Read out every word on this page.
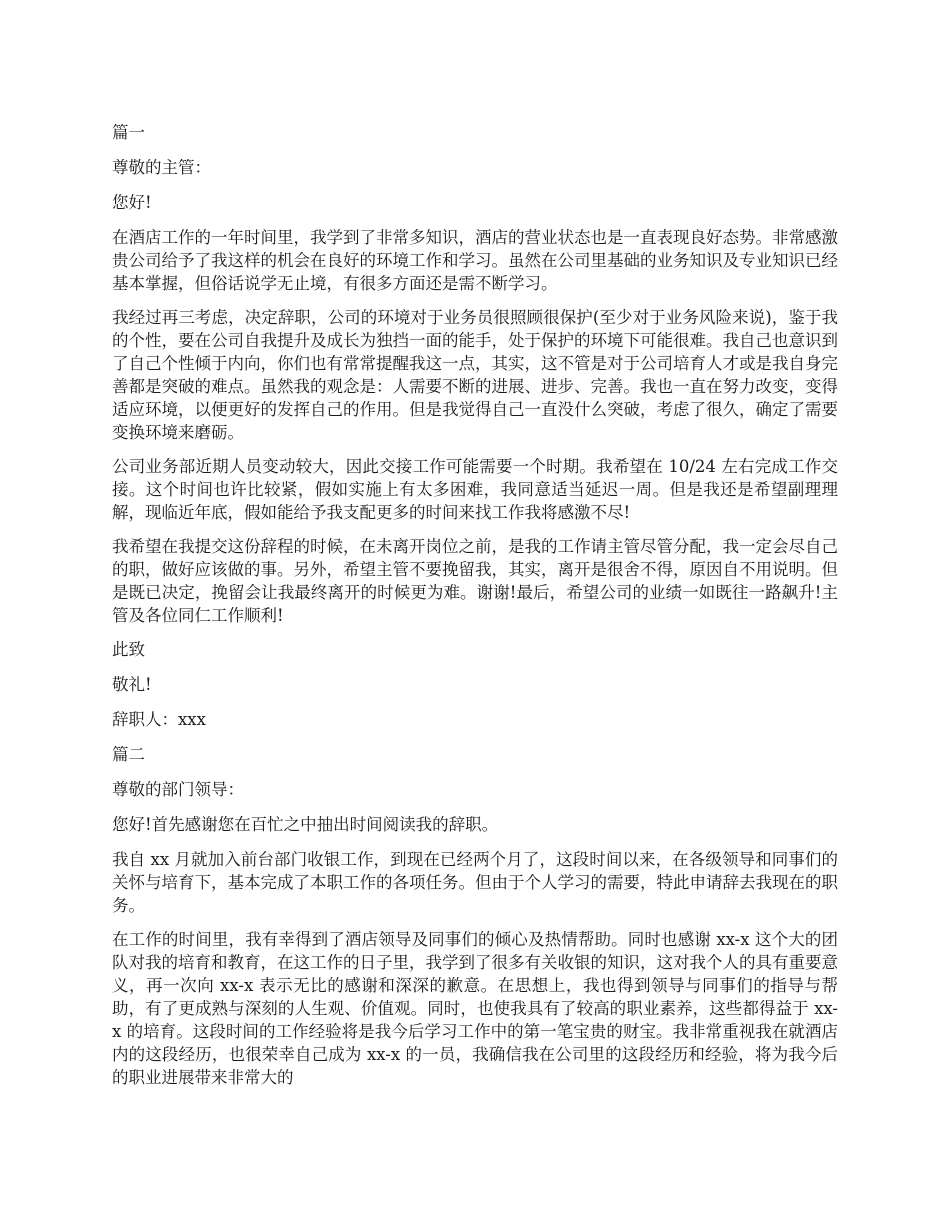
篇一

尊敬的主管：

您好!

在酒店工作的一年时间里，我学到了非常多知识，酒店的营业状态也是一直表现良好态势。非常感激贵公司给予了我这样的机会在良好的环境工作和学习。虽然在公司里基础的业务知识及专业知识已经基本掌握，但俗话说学无止境，有很多方面还是需不断学习。

我经过再三考虑，决定辞职，公司的环境对于业务员很照顾很保护(至少对于业务风险来说)，鉴于我的个性，要在公司自我提升及成长为独挡一面的能手，处于保护的环境下可能很难。我自己也意识到了自己个性倾于内向，你们也有常常提醒我这一点，其实，这不管是对于公司培育人才或是我自身完善都是突破的难点。虽然我的观念是：人需要不断的进展、进步、完善。我也一直在努力改变，变得适应环境，以便更好的发挥自己的作用。但是我觉得自己一直没什么突破，考虑了很久，确定了需要变换环境来磨砺。

公司业务部近期人员变动较大，因此交接工作可能需要一个时期。我希望在 10/24 左右完成工作交接。这个时间也许比较紧，假如实施上有太多困难，我同意适当延迟一周。但是我还是希望副理理解，现临近年底，假如能给予我支配更多的时间来找工作我将感激不尽!

我希望在我提交这份辞程的时候，在未离开岗位之前，是我的工作请主管尽管分配，我一定会尽自己的职，做好应该做的事。另外，希望主管不要挽留我，其实，离开是很舍不得，原因自不用说明。但是既已决定，挽留会让我最终离开的时候更为难。谢谢!最后，希望公司的业绩一如既往一路飙升!主管及各位同仁工作顺利!

此致

敬礼!

辞职人：xxx

篇二

尊敬的部门领导：

您好!首先感谢您在百忙之中抽出时间阅读我的辞职。

我自 xx 月就加入前台部门收银工作，到现在已经两个月了，这段时间以来，在各级领导和同事们的关怀与培育下，基本完成了本职工作的各项任务。但由于个人学习的需要，特此申请辞去我现在的职务。

在工作的时间里，我有幸得到了酒店领导及同事们的倾心及热情帮助。同时也感谢 xx-x 这个大的团队对我的培育和教育，在这工作的日子里，我学到了很多有关收银的知识，这对我个人的具有重要意义，再一次向 xx-x 表示无比的感谢和深深的歉意。在思想上，我也得到领导与同事们的指导与帮助，有了更成熟与深刻的人生观、价值观。同时，也使我具有了较高的职业素养，这些都得益于 xx-x 的培育。这段时间的工作经验将是我今后学习工作中的第一笔宝贵的财宝。我非常重视我在就酒店内的这段经历，也很荣幸自己成为 xx-x 的一员，我确信我在公司里的这段经历和经验，将为我今后的职业进展带来非常大的
